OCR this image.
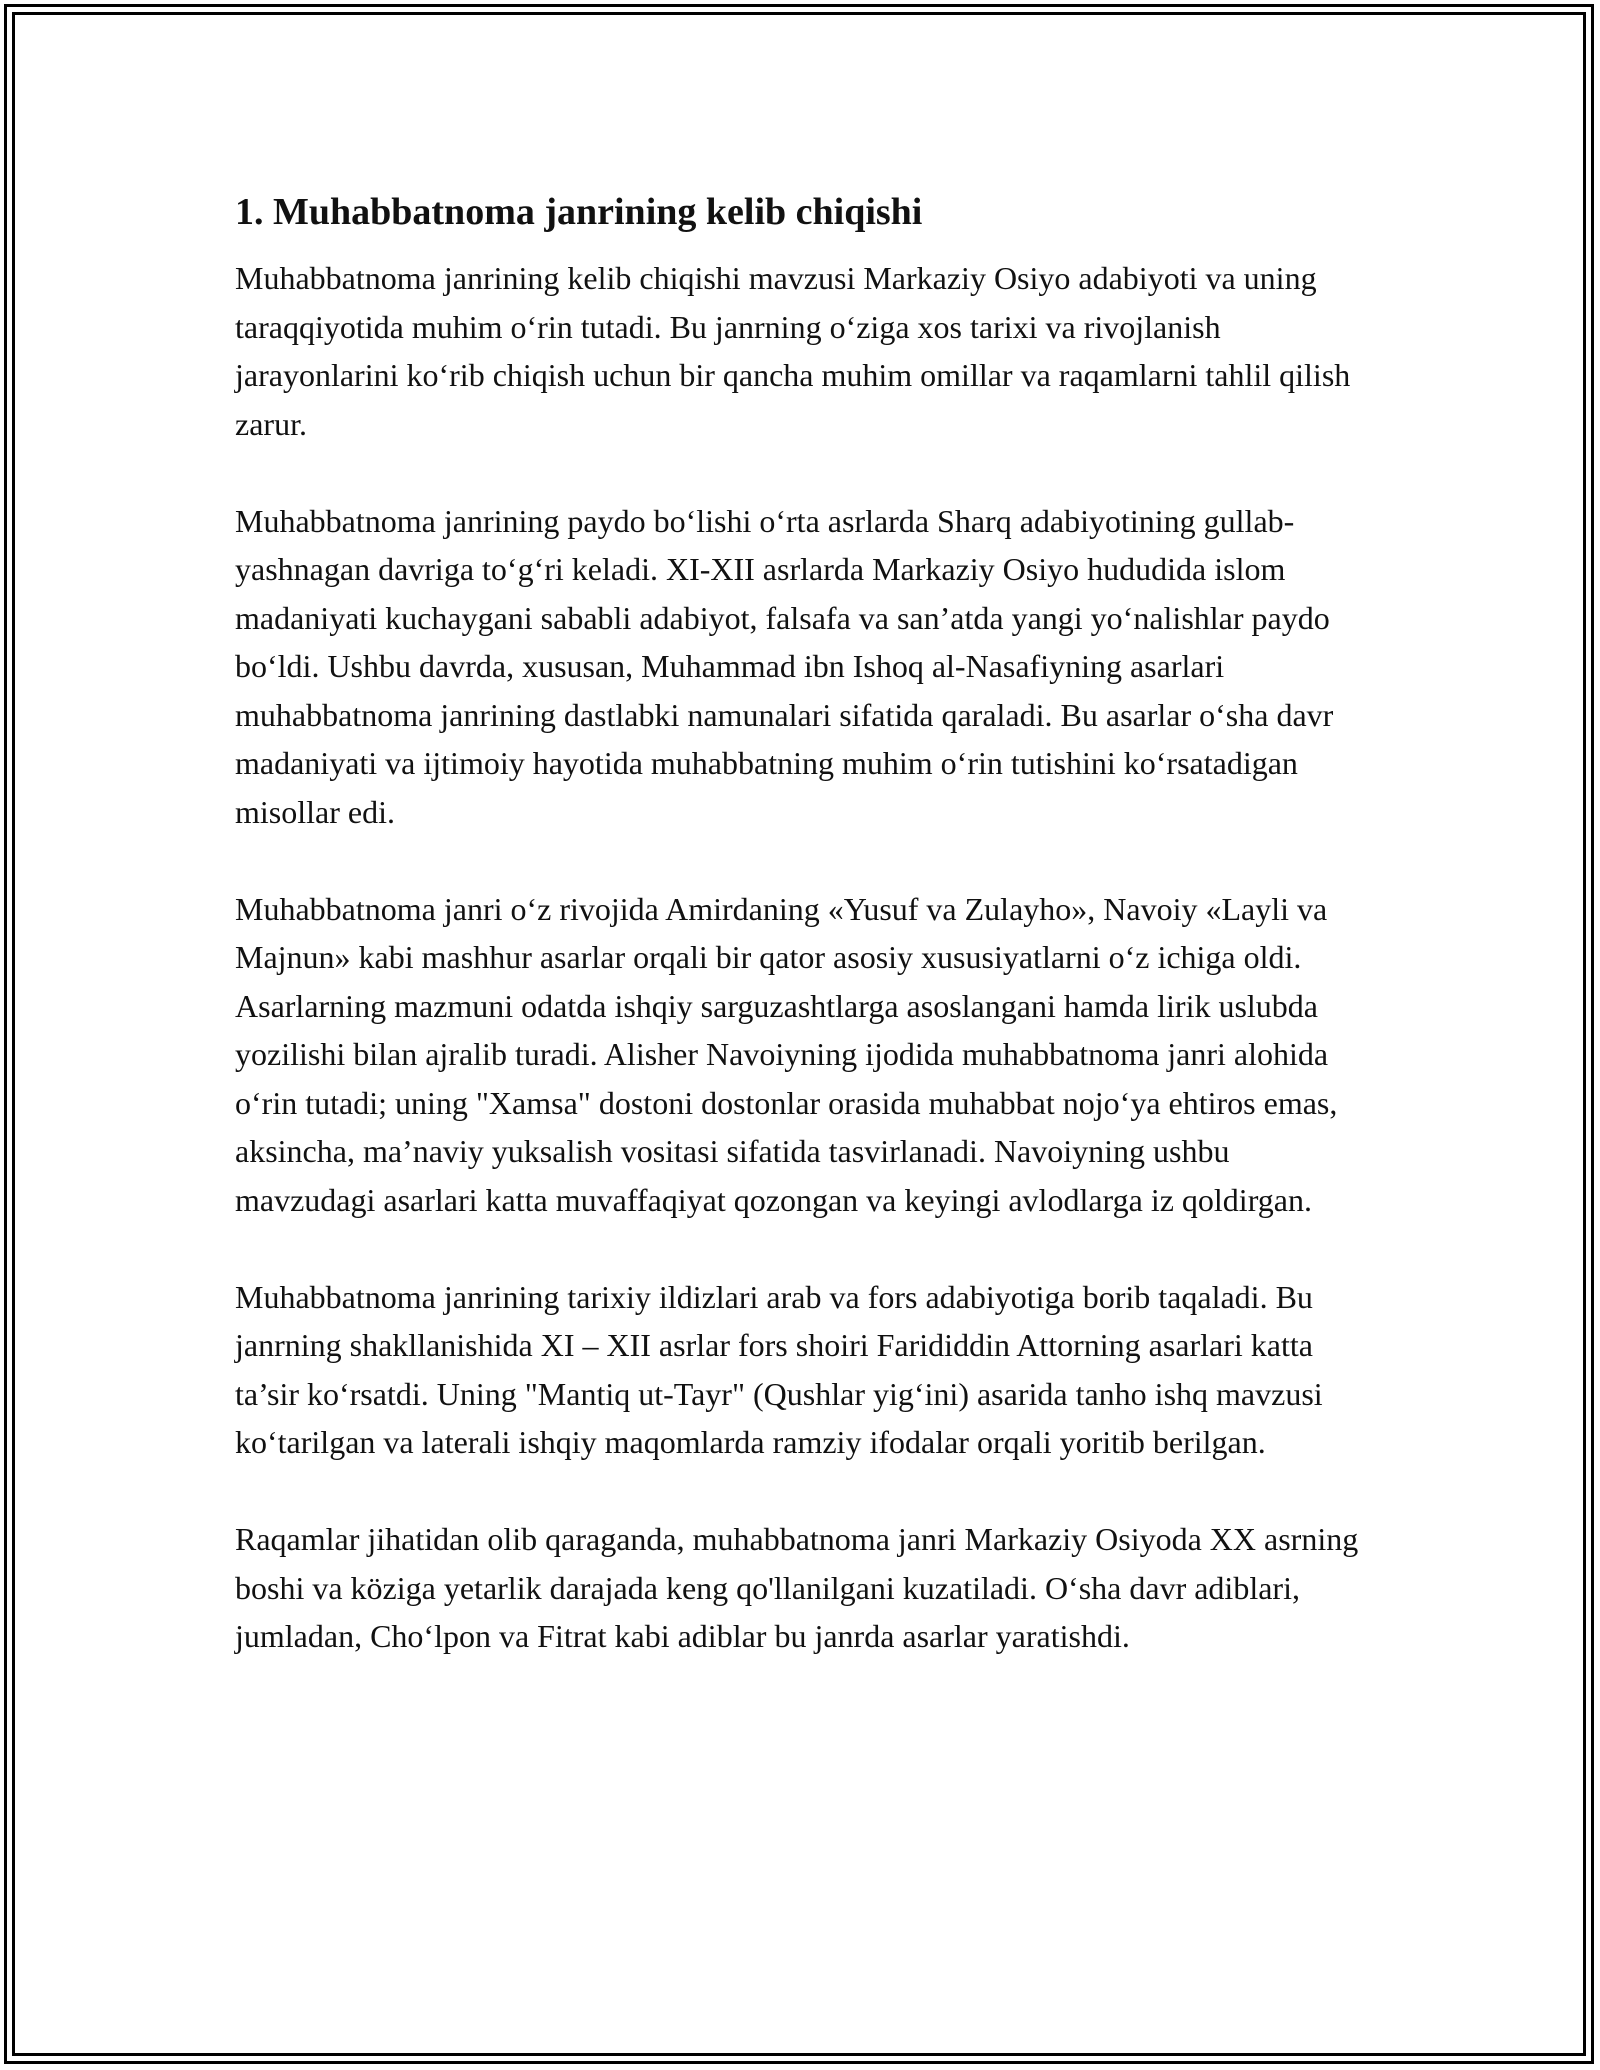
1. Muhabbatnoma janrining kelib chiqishi

Muhabbatnoma janrining kelib chiqishi mavzusi Markaziy Osiyo adabiyoti va uning taraqqiyotida muhim o‘rin tutadi. Bu janrning o‘ziga xos tarixi va rivojlanish jarayonlarini ko‘rib chiqish uchun bir qancha muhim omillar va raqamlarni tahlil qilish zarur.

Muhabbatnoma janrining paydo bo‘lishi o‘rta asrlarda Sharq adabiyotining gullab-yashnagan davriga to‘g‘ri keladi. XI-XII asrlarda Markaziy Osiyo hududida islom madaniyati kuchaygani sababli adabiyot, falsafa va san’atda yangi yo‘nalishlar paydo bo‘ldi. Ushbu davrda, xususan, Muhammad ibn Ishoq al-Nasafiyning asarlari muhabbatnoma janrining dastlabki namunalari sifatida qaraladi. Bu asarlar o‘sha davr madaniyati va ijtimoiy hayotida muhabbatning muhim o‘rin tutishini ko‘rsatadigan misollar edi.

Muhabbatnoma janri o‘z rivojida Amirdaning «Yusuf va Zulayho», Navoiy «Layli va Majnun» kabi mashhur asarlar orqali bir qator asosiy xususiyatlarni o‘z ichiga oldi. Asarlarning mazmuni odatda ishqiy sarguzashtlarga asoslangani hamda lirik uslubda yozilishi bilan ajralib turadi. Alisher Navoiyning ijodida muhabbatnoma janri alohida o‘rin tutadi; uning "Xamsa" dostoni dostonlar orasida muhabbat nojo‘ya ehtiros emas, aksincha, ma’naviy yuksalish vositasi sifatida tasvirlanadi. Navoiyning ushbu mavzudagi asarlari katta muvaffaqiyat qozongan va keyingi avlodlarga iz qoldirgan.

Muhabbatnoma janrining tarixiy ildizlari arab va fors adabiyotiga borib taqaladi. Bu janrning shakllanishida XI – XII asrlar fors shoiri Farididdin Attorning asarlari katta ta’sir ko‘rsatdi. Uning "Mantiq ut-Tayr" (Qushlar yig‘ini) asarida tanho ishq mavzusi ko‘tarilgan va laterali ishqiy maqomlarda ramziy ifodalar orqali yoritib berilgan.

Raqamlar jihatidan olib qaraganda, muhabbatnoma janri Markaziy Osiyoda XX asrning boshi va köziga yetarlik darajada keng qo'llanilgani kuzatiladi. O‘sha davr adiblari, jumladan, Cho‘lpon va Fitrat kabi adiblar bu janrda asarlar yaratishdi.
